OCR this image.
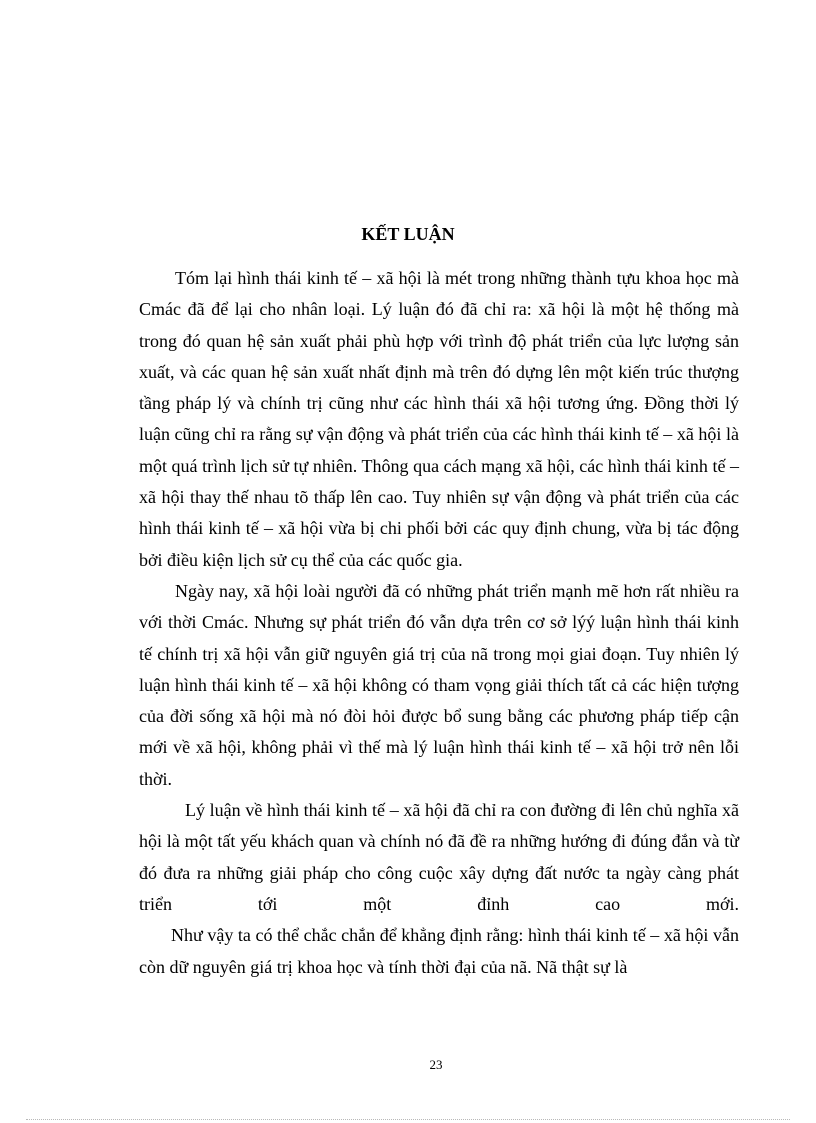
KẾT LUẬN

Tóm lại hình thái kinh tế – xã hội là mét trong những thành tựu khoa học mà Cmác đã để lại cho nhân loại. Lý luận đó đã chỉ ra: xã hội là một hệ thống mà trong đó quan hệ sản xuất phải phù hợp với trình độ phát triển của lực lượng sản xuất, và các quan hệ sản xuất nhất định mà trên đó dựng lên một kiến trúc thượng tầng pháp lý và chính trị cũng như các hình thái xã hội tương ứng. Đồng thời lý luận cũng chỉ ra rằng sự vận động và phát triển của các hình thái kinh tế – xã hội là một quá trình lịch sử tự nhiên. Thông qua cách mạng xã hội, các hình thái kinh tế – xã hội thay thế nhau tõ thấp lên cao. Tuy nhiên sự vận động và phát triển của các hình thái kinh tế – xã hội vừa bị chi phối bởi các quy định chung, vừa bị tác động bởi điều kiện lịch sử cụ thể của các quốc gia.

Ngày nay, xã hội loài người đã có những phát triển mạnh mẽ hơn rất nhiều ra với thời Cmác. Nhưng sự phát triển đó vẫn dựa trên cơ sở lýý luận hình thái kinh tế chính trị xã hội vẫn giữ nguyên giá trị của nã trong mọi giai đoạn. Tuy nhiên lý luận hình thái kinh tế – xã hội không có tham vọng giải thích tất cả các hiện tượng của đời sống xã hội mà nó đòi hỏi được bổ sung bằng các phương pháp tiếp cận mới về xã hội, không phải vì thế mà lý luận hình thái kinh tế – xã hội trở nên lỗi thời.

Lý luận về hình thái kinh tế – xã hội đã chỉ ra con đường đi lên chủ nghĩa xã hội là một tất yếu khách quan và chính nó đã đề ra những hướng đi đúng đắn và từ đó đưa ra những giải pháp cho công cuộc xây dựng đất nước ta ngày càng phát triển tới một đỉnh cao mới.

Như vậy ta có thể chắc chắn để khẳng định rằng: hình thái kinh tế – xã hội vẫn còn dữ nguyên giá trị khoa học và tính thời đại của nã. Nã thật sự là

23
